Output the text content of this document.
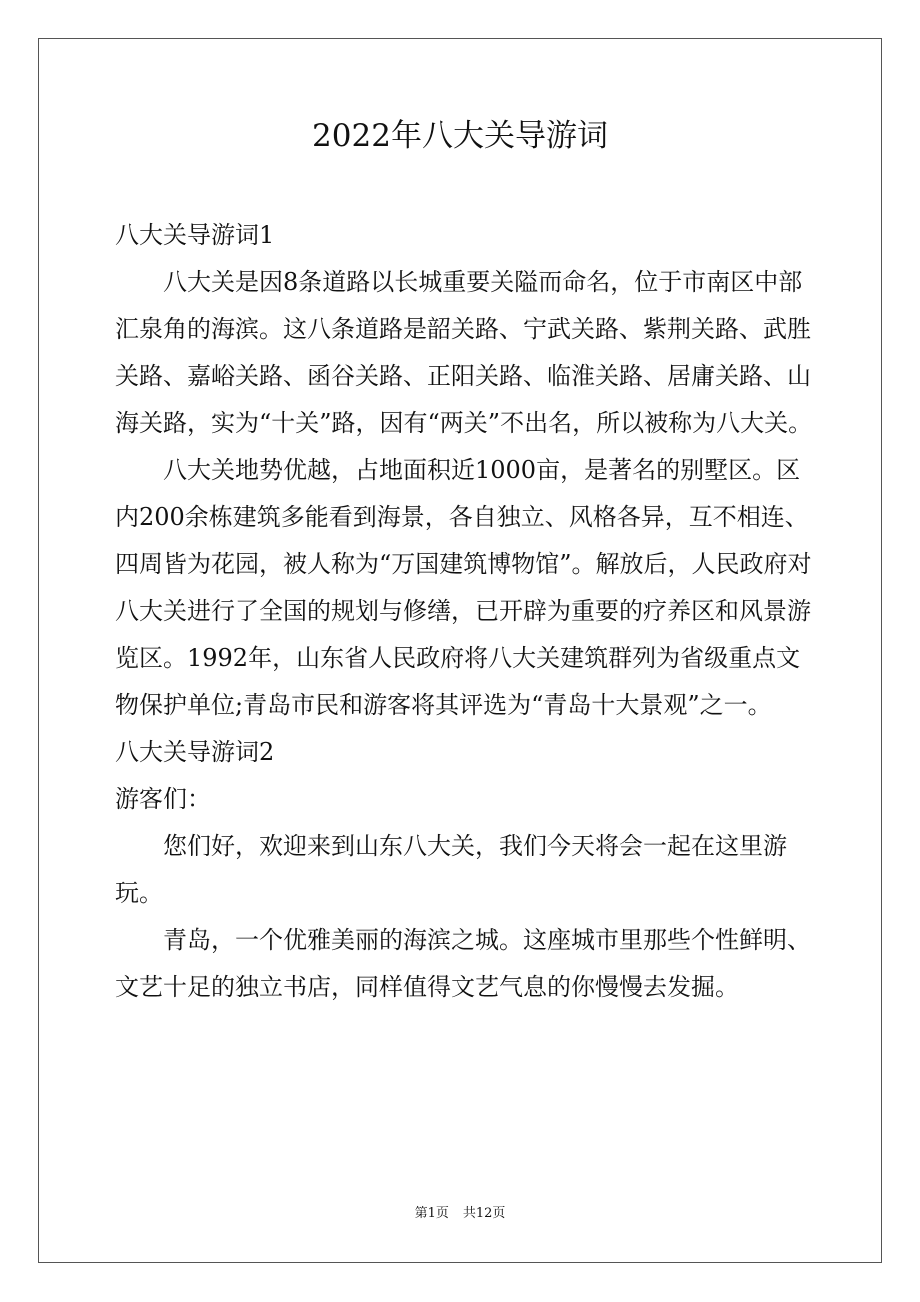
2022年八大关导游词

八大关导游词1

八大关是因8条道路以长城重要关隘而命名，位于市南区中部汇泉角的海滨。这八条道路是韶关路、宁武关路、紫荆关路、武胜关路、嘉峪关路、函谷关路、正阳关路、临淮关路、居庸关路、山海关路，实为“十关”路，因有“两关”不出名，所以被称为八大关。

八大关地势优越，占地面积近1000亩，是著名的别墅区。区内200余栋建筑多能看到海景，各自独立、风格各异，互不相连、四周皆为花园，被人称为“万国建筑博物馆”。解放后，人民政府对八大关进行了全国的规划与修缮，已开辟为重要的疗养区和风景游览区。1992年，山东省人民政府将八大关建筑群列为省级重点文物保护单位;青岛市民和游客将其评选为“青岛十大景观”之一。

八大关导游词2

游客们：

您们好，欢迎来到山东八大关，我们今天将会一起在这里游玩。

青岛，一个优雅美丽的海滨之城。这座城市里那些个性鲜明、文艺十足的独立书店，同样值得文艺气息的你慢慢去发掘。

第1页 共12页
